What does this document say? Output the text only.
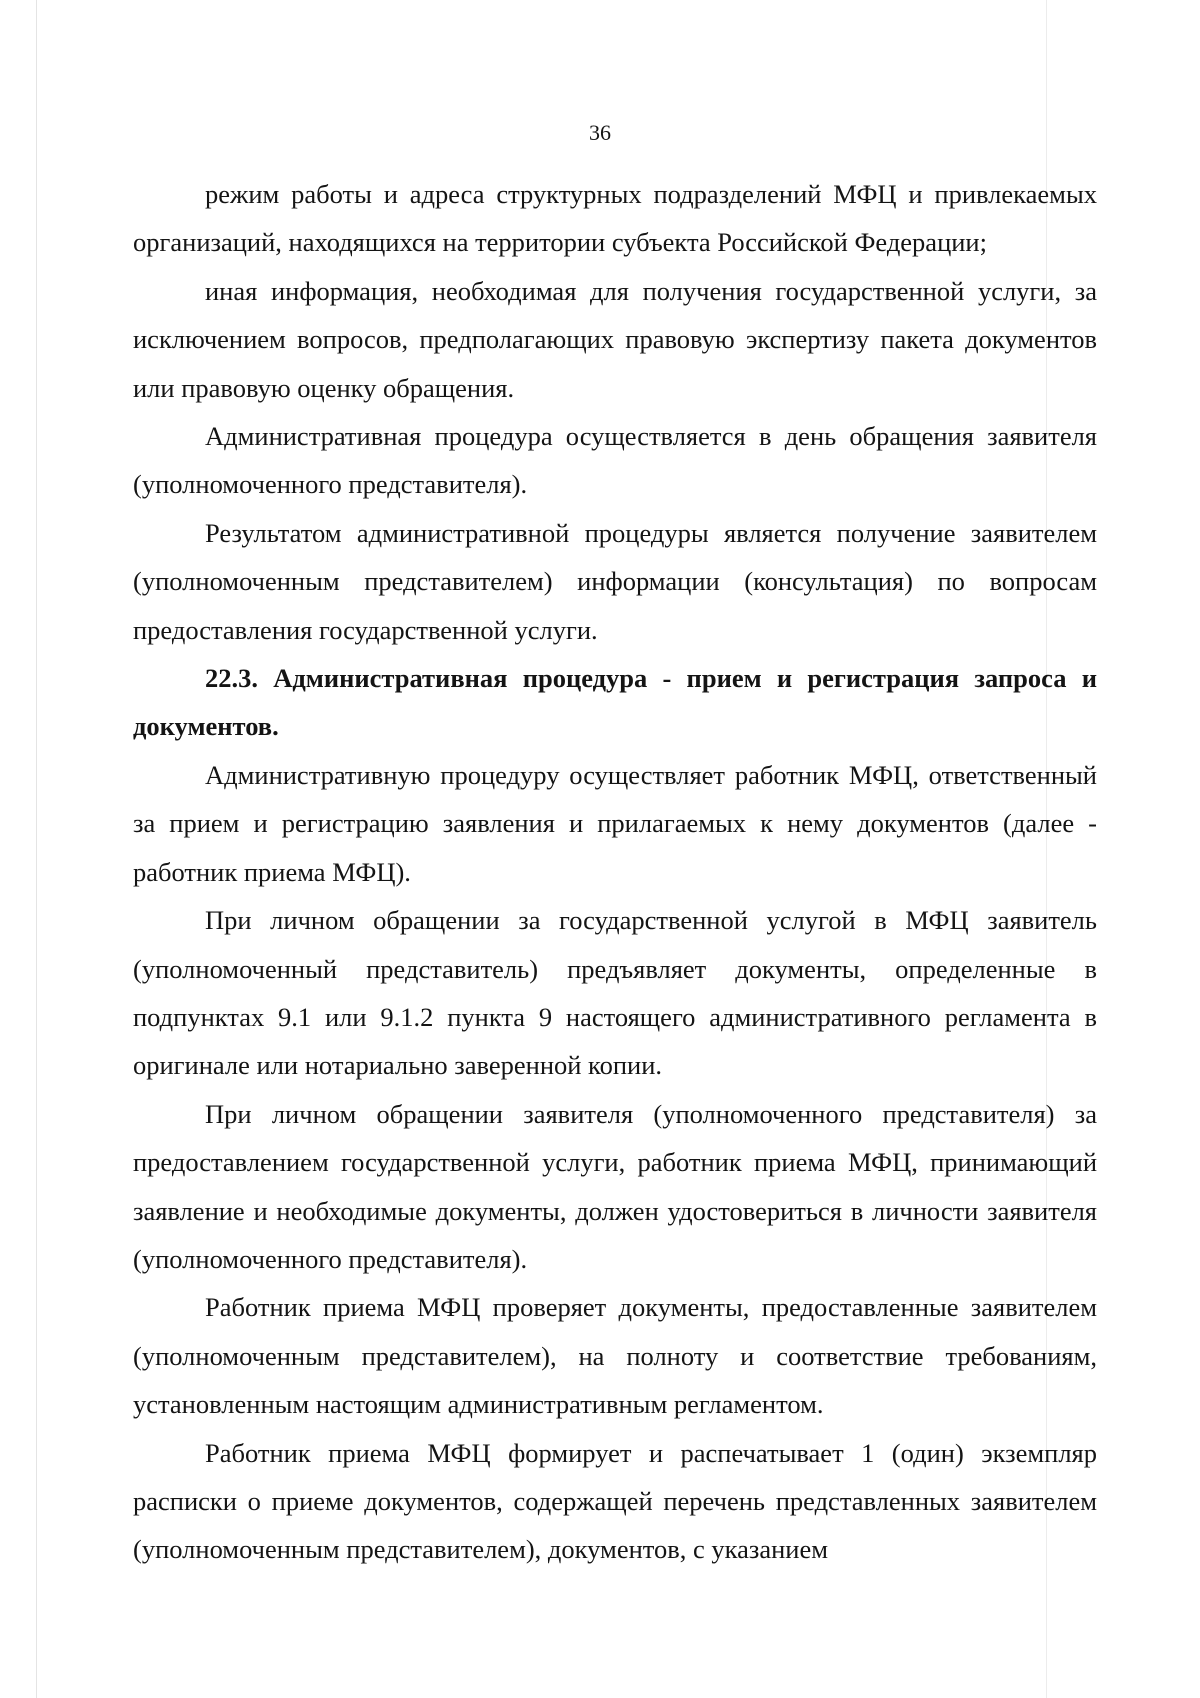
36

режим работы и адреса структурных подразделений МФЦ и привлекаемых организаций, находящихся на территории субъекта Российской Федерации;

иная информация, необходимая для получения государственной услуги, за исключением вопросов, предполагающих правовую экспертизу пакета документов или правовую оценку обращения.

Административная процедура осуществляется в день обращения заявителя (уполномоченного представителя).

Результатом административной процедуры является получение заявителем (уполномоченным представителем) информации (консультация) по вопросам предоставления государственной услуги.

22.3. Административная процедура - прием и регистрация запроса и документов.

Административную процедуру осуществляет работник МФЦ, ответственный за прием и регистрацию заявления и прилагаемых к нему документов (далее - работник приема МФЦ).

При личном обращении за государственной услугой в МФЦ заявитель (уполномоченный представитель) предъявляет документы, определенные в подпунктах 9.1 или 9.1.2 пункта 9 настоящего административного регламента в оригинале или нотариально заверенной копии.

При личном обращении заявителя (уполномоченного представителя) за предоставлением государственной услуги, работник приема МФЦ, принимающий заявление и необходимые документы, должен удостовериться в личности заявителя (уполномоченного представителя).

Работник приема МФЦ проверяет документы, предоставленные заявителем (уполномоченным представителем), на полноту и соответствие требованиям, установленным настоящим административным регламентом.

Работник приема МФЦ формирует и распечатывает 1 (один) экземпляр расписки о приеме документов, содержащей перечень представленных заявителем (уполномоченным представителем), документов, с указанием
